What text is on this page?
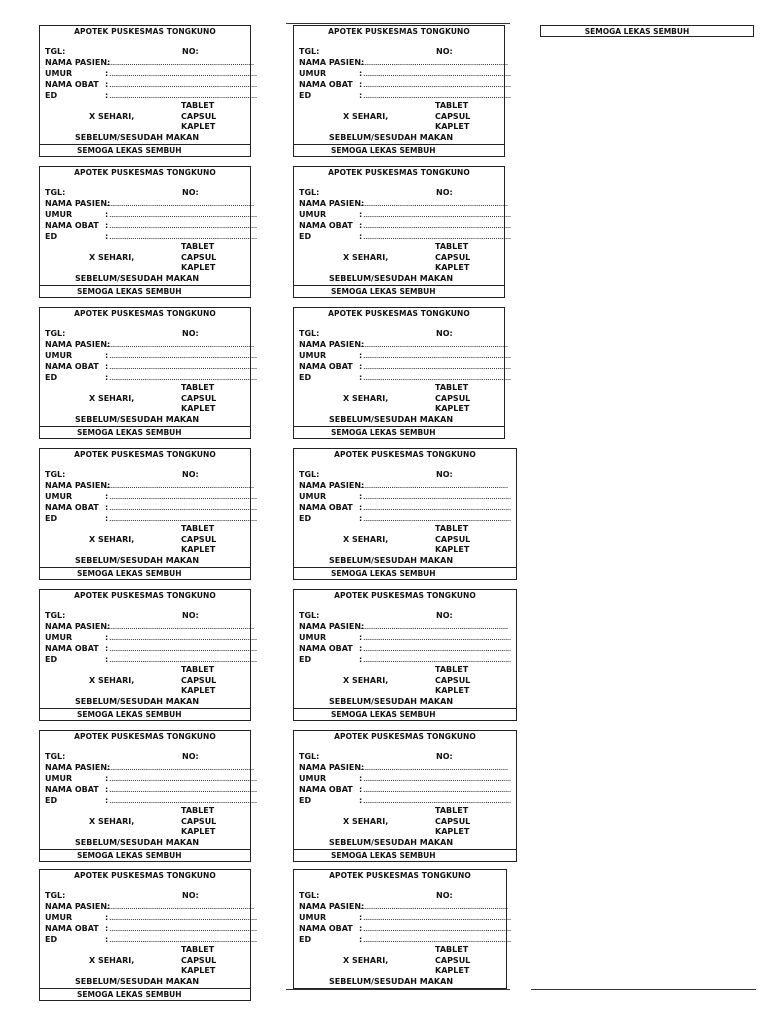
APOTEK PUSKESMAS TONGKUNO
TGL:	NO:
NAMA PASIEN:
............................................................................
UMUR	: ............................................................................
NAMA OBAT : ............................................................................
ED	: ............................................................................
TABLET
X SEHARI,	CAPSUL
KAPLET
SEBELUM/SESUDAH MAKAN
SEMOGA LEKAS SEMBUH
APOTEK PUSKESMAS TONGKUNO
TGL:	NO:
NAMA PASIEN:
............................................................................
UMUR	: ............................................................................
NAMA OBAT : ............................................................................
ED	: ............................................................................
TABLET
X SEHARI,	CAPSUL
KAPLET
SEBELUM/SESUDAH MAKAN
SEMOGA LEKAS SEMBUH
APOTEK PUSKESMAS TONGKUNO
TGL:	NO:
NAMA PASIEN:
............................................................................
UMUR	: ............................................................................
NAMA OBAT : ............................................................................
ED	: ............................................................................
TABLET
X SEHARI,	CAPSUL
KAPLET
SEBELUM/SESUDAH MAKAN
SEMOGA LEKAS SEMBUH
APOTEK PUSKESMAS TONGKUNO
TGL:	NO:
NAMA PASIEN:
............................................................................
UMUR	: ............................................................................
NAMA OBAT : ............................................................................
ED	: ............................................................................
TABLET
X SEHARI,	CAPSUL
KAPLET
SEBELUM/SESUDAH MAKAN
SEMOGA LEKAS SEMBUH
APOTEK PUSKESMAS TONGKUNO
TGL:	NO:
NAMA PASIEN:
............................................................................
UMUR	: ............................................................................
NAMA OBAT : ............................................................................
ED	: ............................................................................
TABLET
X SEHARI,	CAPSUL
KAPLET
SEBELUM/SESUDAH MAKAN
SEMOGA LEKAS SEMBUH
APOTEK PUSKESMAS TONGKUNO
TGL:	NO:
NAMA PASIEN:
............................................................................
UMUR	: ............................................................................
NAMA OBAT : ............................................................................
ED	: ............................................................................
TABLET
X SEHARI,	CAPSUL
KAPLET
SEBELUM/SESUDAH MAKAN
SEMOGA LEKAS SEMBUH
APOTEK PUSKESMAS TONGKUNO
TGL:	NO:
NAMA PASIEN:
............................................................................
UMUR	: ............................................................................
NAMA OBAT : ............................................................................
ED	: ............................................................................
TABLET
X SEHARI,	CAPSUL
KAPLET
SEBELUM/SESUDAH MAKAN
SEMOGA LEKAS SEMBUH
APOTEK PUSKESMAS TONGKUNO
TGL:	NO:
NAMA PASIEN:
............................................................................
UMUR	: ............................................................................
NAMA OBAT : ............................................................................
ED	: ............................................................................
TABLET
X SEHARI,	CAPSUL
KAPLET
SEBELUM/SESUDAH MAKAN
SEMOGA LEKAS SEMBUH
APOTEK PUSKESMAS TONGKUNO
TGL:	NO:
NAMA PASIEN:
............................................................................
UMUR	: ............................................................................
NAMA OBAT : ............................................................................
ED	: ............................................................................
TABLET
X SEHARI,	CAPSUL
KAPLET
SEBELUM/SESUDAH MAKAN
SEMOGA LEKAS SEMBUH
APOTEK PUSKESMAS TONGKUNO
TGL:	NO:
NAMA PASIEN:
............................................................................
UMUR	: ............................................................................
NAMA OBAT : ............................................................................
ED	: ............................................................................
TABLET
X SEHARI,	CAPSUL
KAPLET
SEBELUM/SESUDAH MAKAN
SEMOGA LEKAS SEMBUH
APOTEK PUSKESMAS TONGKUNO
TGL:	NO:
NAMA PASIEN:
............................................................................
UMUR	: ............................................................................
NAMA OBAT : ............................................................................
ED	: ............................................................................
TABLET
X SEHARI,	CAPSUL
KAPLET
SEBELUM/SESUDAH MAKAN
SEMOGA LEKAS SEMBUH
APOTEK PUSKESMAS TONGKUNO
TGL:	NO:
NAMA PASIEN:
............................................................................
UMUR	: ............................................................................
NAMA OBAT : ............................................................................
ED	: ............................................................................
TABLET
X SEHARI,	CAPSUL
KAPLET
SEBELUM/SESUDAH MAKAN
SEMOGA LEKAS SEMBUH
APOTEK PUSKESMAS TONGKUNO
TGL:	NO:
NAMA PASIEN:
............................................................................
UMUR	: ............................................................................
NAMA OBAT : ............................................................................
ED	: ............................................................................
TABLET
X SEHARI,	CAPSUL
KAPLET
SEBELUM/SESUDAH MAKAN
SEMOGA LEKAS SEMBUH
APOTEK PUSKESMAS TONGKUNO
TGL:	NO:
NAMA PASIEN:
............................................................................
UMUR	: ............................................................................
NAMA OBAT : ............................................................................
ED	: ............................................................................
TABLET
X SEHARI,	CAPSUL
KAPLET
SEBELUM/SESUDAH MAKAN
SEMOGA LEKAS SEMBUH
